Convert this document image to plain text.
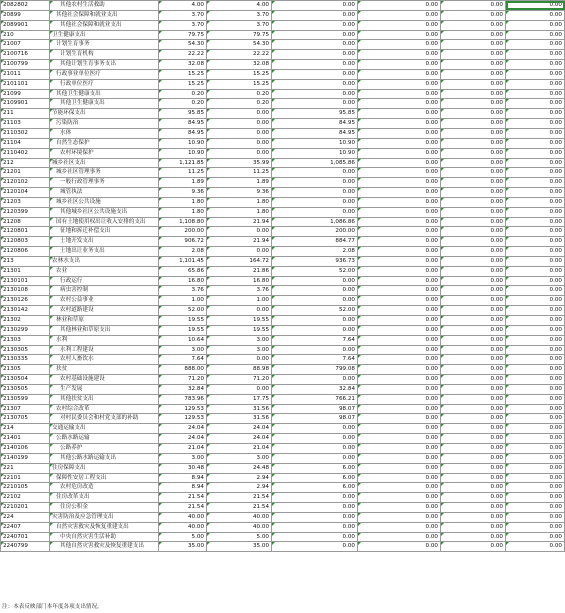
2082802	其他农村生活救助	4.00	4.00	0.00	0.00	0.00	0.00
20899	其他社会保障和就业支出	3.70	3.70	0.00	0.00	0.00	0.00
2089901	其他社会保障和就业支出	3.70	3.70	0.00	0.00	0.00	0.00
210	卫生健康支出	79.75	79.75	0.00	0.00	0.00	0.00
21007	计划生育事务	54.30	54.30	0.00	0.00	0.00	0.00
2100716	计划生育机构	22.22	22.22	0.00	0.00	0.00	0.00
2100799	其他计划生育事务支出	32.08	32.08	0.00	0.00	0.00	0.00
21011	行政事业单位医疗	15.25	15.25	0.00	0.00	0.00	0.00
2101101	行政单位医疗	15.25	15.25	0.00	0.00	0.00	0.00
21099	其他卫生健康支出	0.20	0.20	0.00	0.00	0.00	0.00
2109901	其他卫生健康支出	0.20	0.20	0.00	0.00	0.00	0.00
211	节能环保支出	95.85	0.00	95.85	0.00	0.00	0.00
21103	污染防治	84.95	0.00	84.95	0.00	0.00	0.00
2110302	水体	84.95	0.00	84.95	0.00	0.00	0.00
21104	自然生态保护	10.90	0.00	10.90	0.00	0.00	0.00
2110402	农村环境保护	10.90	0.00	10.90	0.00	0.00	0.00
212	城乡社区支出	1,121.85	35.99	1,085.86	0.00	0.00	0.00
21201	城乡社区管理事务	11.25	11.25	0.00	0.00	0.00	0.00
2120102	一般行政管理事务	1.89	1.89	0.00	0.00	0.00	0.00
2120104	城管执法	9.36	9.36	0.00	0.00	0.00	0.00
21203	城乡社区公共设施	1.80	1.80	0.00	0.00	0.00	0.00
2120399	其他城乡社区公共设施支出	1.80	1.80	0.00	0.00	0.00	0.00
21208	国有土地使用权出让收入安排的支出	1,108.80	21.94	1,086.86	0.00	0.00	0.00
2120801	征地和拆迁补偿支出	200.00	0.00	200.00	0.00	0.00	0.00
2120803	土地开发支出	906.72	21.94	884.77	0.00	0.00	0.00
2120806	土地出让业务支出	2.08	0.00	2.08	0.00	0.00	0.00
213	农林水支出	1,101.45	164.72	936.73	0.00	0.00	0.00
21301	农业	65.86	21.86	52.00	0.00	0.00	0.00
2130101	行政运行	16.80	16.80	0.00	0.00	0.00	0.00
2130108	病虫害控制	3.76	3.76	0.00	0.00	0.00	0.00
2130126	农村公益事业	1.00	1.00	0.00	0.00	0.00	0.00
2130142	农村道路建设	52.00	0.00	52.00	0.00	0.00	0.00
21302	林业和草原	19.55	19.55	0.00	0.00	0.00	0.00
2130299	其他林业和草原支出	19.55	19.55	0.00	0.00	0.00	0.00
21303	水利	10.64	3.00	7.64	0.00	0.00	0.00
2130305	水利工程建设	3.00	3.00	0.00	0.00	0.00	0.00
2130335	农村人畜饮水	7.64	0.00	7.64	0.00	0.00	0.00
21305	扶贫	888.00	88.98	799.08	0.00	0.00	0.00
2130504	农村基础设施建设	71.20	71.20	0.00	0.00	0.00	0.00
2130505	生产发展	32.84	0.00	32.84	0.00	0.00	0.00
2130599	其他扶贫支出	783.96	17.75	766.21	0.00	0.00	0.00
21307	农村综合改革	129.53	31.56	98.07	0.00	0.00	0.00
2130705	对村民委员会和村党支部的补助	129.53	31.56	98.07	0.00	0.00	0.00
214	交通运输支出	24.04	24.04	0.00	0.00	0.00	0.00
21401	公路水路运输	24.04	24.04	0.00	0.00	0.00	0.00
2140106	公路养护	21.04	21.04	0.00	0.00	0.00	0.00
2140199	其他公路水路运输支出	3.00	3.00	0.00	0.00	0.00	0.00
221	住房保障支出	30.48	24.48	6.00	0.00	0.00	0.00
22101	保障性安居工程支出	8.94	2.94	6.00	0.00	0.00	0.00
2210105	农村危房改造	8.94	2.94	6.00	0.00	0.00	0.00
22102	住房改革支出	21.54	21.54	0.00	0.00	0.00	0.00
2210201	住房公积金	21.54	21.54	0.00	0.00	0.00	0.00
224	灾害防治及应急管理支出	40.00	40.00	0.00	0.00	0.00	0.00
22407	自然灾害救灾及恢复重建支出	40.00	40.00	0.00	0.00	0.00	0.00
2240701	中央自然灾害生活补助	5.00	5.00	0.00	0.00	0.00	0.00
2240799	其他自然灾害救灾及恢复重建支出	35.00	35.00	0.00	0.00	0.00	0.00
注：本表反映部门本年度各项支出情况。
